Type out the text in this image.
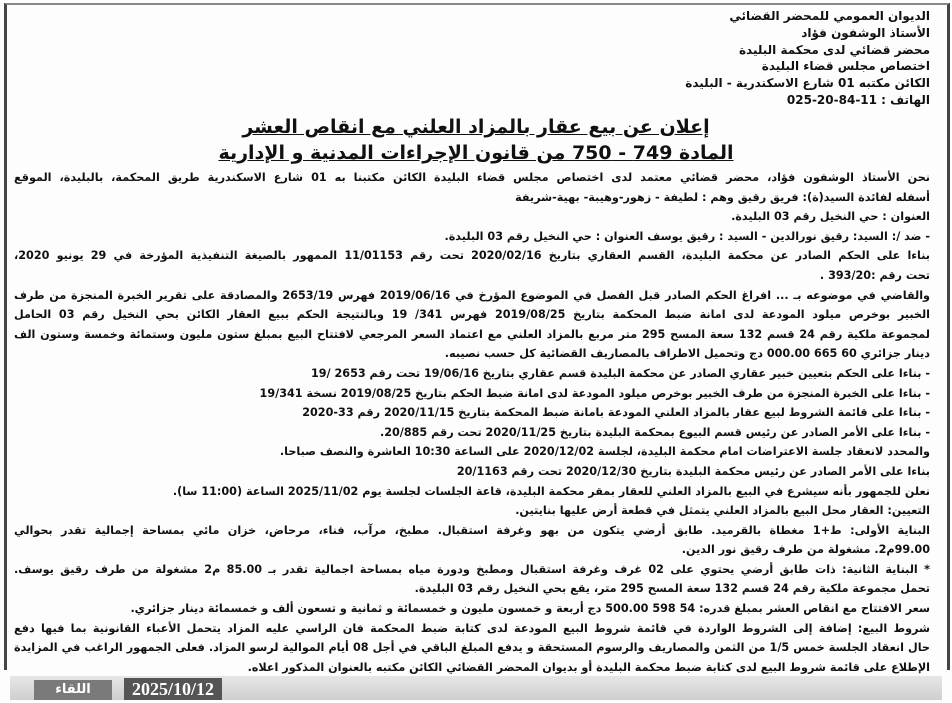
الديوان العمومي للمحضر القضائي
الأستاذ الوشفون فؤاد
محضر قضائي لدى محكمة البليدة
اختصاص مجلس قضاء البليدة
الكائن مكتبه 01 شارع الاسكندرية - البليدة
الهاتف : 11-84-20-025
إعلان عن بيع عقار بالمزاد العلني مع انقاص العشر
المادة 749 - 750 من قانون الإجراءات المدنية و الإدارية
نحن الأستاذ الوشفون فؤاد، محضر قضائي معتمد لدى اختصاص مجلس قضاء البليدة الكائن مكتبنا به 01 شارع الاسكندرية طريق المحكمة، بالبليدة، الموقع
أسفله لفائدة السيد(ة): فريق رقيق وهم : لطيفة - زهور-وهيبة- بهية-شريفة
العنوان : حي النخيل رقم 03 البليدة.
- ضد /: السيد: رقيق نورالدين - السيد : رقيق يوسف العنوان : حي النخيل رقم 03 البليدة.
بناءا على الحكم الصادر عن محكمة البليدة، القسم العقاري بتاريخ 2020/02/16 تحت رقم 11/01153 الممهور بالصيغة التنفيذية المؤرخة في 29 يونيو 2020،
تحت رقم :393/20 .
والقاضي في موضوعه بـ ... افراغ الحكم الصادر قبل الفصل في الموضوع المؤرخ في 2019/06/16 فهرس 2653/19 والمصادقة على تقرير الخبرة المنجزة من طرف
الخبير بوخرص ميلود المودعة لدى امانة ضبط المحكمة بتاريخ 2019/08/25 فهرس 341/ 19 وبالنتيجة الحكم ببيع العقار الكائن بحي النخيل رقم 03 الحامل
لمجموعة ملكية رقم 24 قسم 132 سعة المسح 295 متر مربع بالمزاد العلني مع اعتماد السعر المرجعي لافتتاح البيع بمبلغ ستون مليون وستمائة وخمسة وستون الف
دينار جزائري 60 665 000.00 دج وتحميل الاطراف بالمصاريف القضائية كل حسب نصيبه.
- بناءا على الحكم بتعيين خبير عقاري الصادر عن محكمة البليدة قسم عقاري بتاريخ 19/06/16 تحت رقم 2653 /19
- بناءا على الخبرة المنجزة من طرف الخبير بوخرص ميلود المودعة لدى امانة ضبط الحكم بتاريخ 2019/08/25 نسخة 19/341
- بناءا على قائمة الشروط لبيع عقار بالمزاد العلني المودعة بامانة ضبط المحكمة بتاريخ 2020/11/15 رقم 33-2020
- بناءا على الأمر الصادر عن رئيس قسم البيوع بمحكمة البليدة بتاريخ 2020/11/25 تحت رقم 20/885.
والمحدد لانعقاد جلسة الاعتراضات امام محكمة البليدة، لجلسة 2020/12/02 على الساعة 10:30 العاشرة والنصف صباحا.
بناءا على الأمر الصادر عن رئيس محكمة البليدة بتاريخ 2020/12/30 تحت رقم 20/1163
نعلن للجمهور بأنه سيشرع في البيع بالمزاد العلني للعقار بمقر محكمة البليدة، قاعة الجلسات لجلسة يوم 2025/11/02 الساعة (11:00 سا).
التعيين: العقار محل البيع بالمزاد العلني يتمثل في قطعة أرض عليها بنايتين.
البناية الأولى: ط+1 مغطاة بالقرميد. طابق أرضي يتكون من بهو وغرفة استقبال. مطبخ، مرآب، فناء، مرحاض، خزان مائي بمساحة إجمالية تقدر بحوالي
99.00م2. مشغولة من طرف رقيق نور الدين.
* البناية الثانية: ذات طابق أرضي يحتوي على 02 غرف وغرفة استقبال ومطبخ ودورة مياه بمساحة اجمالية تقدر بـ 85.00 م2 مشغولة من طرف رقيق يوسف.
تحمل مجموعة ملكية رقم 24 قسم 132 سعة المسح 295 متر، يقع بحي النخيل رقم 03 البليدة.
سعر الافتتاح مع انقاص العشر بمبلغ قدره: 54 598 500.00 دج أربعة و خمسون مليون و خمسمائة و ثمانية و تسعون ألف و خمسمائة دينار جزائري.
شروط البيع: إضافة إلى الشروط الواردة في قائمة شروط البيع المودعة لدى كتابة ضبط المحكمة فان الراسي عليه المزاد يتحمل الأعباء القانونية بما فيها دفع
حال انعقاد الجلسة خمس 1/5 من الثمن والمصاريف والرسوم المستحقة و يدفع المبلغ الباقي في أجل 08 أيام الموالية لرسو المزاد. فعلى الجمهور الراغب في المزايدة
الإطلاع على قائمة شروط البيع لدى كتابة ضبط محكمة البليدة أو بديوان المحضر القضائي الكائن مكتبه بالعنوان المذكور اعلاه.
اللقاء	2025/10/12
